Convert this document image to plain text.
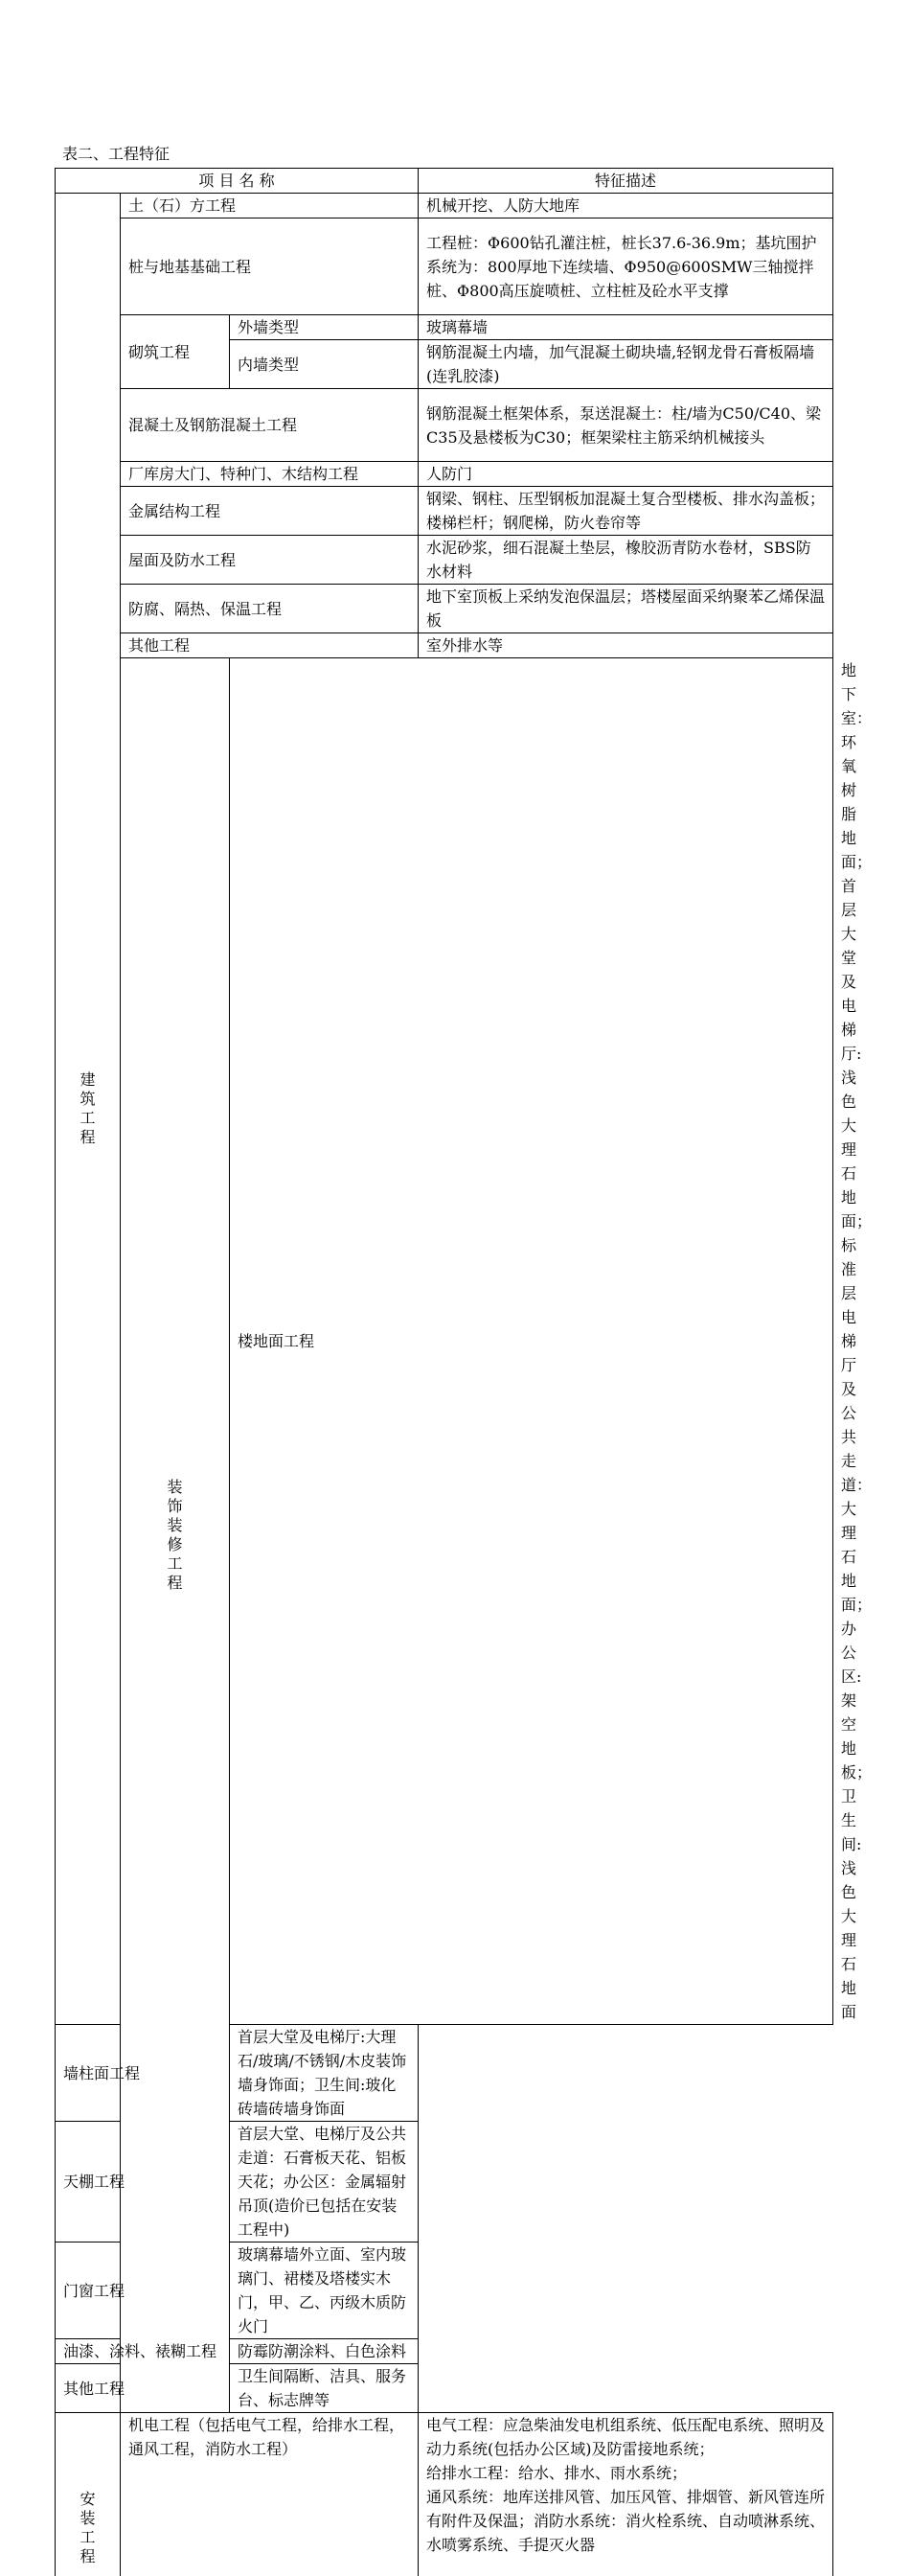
表二、工程特征
项 目 名 称			特征描述	
建筑工程	土（石）方工程		机械开挖、人防大地库	
	桩与地基基础工程		工程桩：Φ600钻孔灌注桩，桩长37.6-36.9m；基坑围护系统为：800厚地下连续墙、Φ950@600SMW三轴搅拌桩、Φ800高压旋喷桩、立柱桩及砼水平支撑	
	砌筑工程	外墙类型	玻璃幕墙	
		内墙类型	钢筋混凝土内墙，加气混凝土砌块墙,轻钢龙骨石膏板隔墙(连乳胶漆)	
	混凝土及钢筋混凝土工程		钢筋混凝土框架体系，泵送混凝土：柱/墙为C50/C40、梁C35及悬楼板为C30；框架梁柱主筋采纳机械接头	
	厂库房大门、特种门、木结构工程		人防门	
	金属结构工程		钢梁、钢柱、压型钢板加混凝土复合型楼板、排水沟盖板；楼梯栏杆；钢爬梯，防火卷帘等	
	屋面及防水工程		水泥砂浆，细石混凝土垫层，橡胶沥青防水卷材，SBS防水材料	
	防腐、隔热、保温工程		地下室顶板上采纳发泡保温层；塔楼屋面采纳聚苯乙烯保温板	
	其他工程		室外排水等	
	装饰装修工程	楼地面工程		地下室：环氧树脂地面；　首层大堂及电梯厅:浅色大理石地面；标准层电梯厅及公共走道：大理石地面；办公区:架空地板；卫生间:浅色大理石地面
墙柱面工程		首层大堂及电梯厅:大理石/玻璃/不锈钢/木皮装饰墙身饰面；卫生间:玻化砖墙砖墙身饰面		
天棚工程		首层大堂、电梯厅及公共走道：石膏板天花、铝板天花；办公区：金属辐射吊顶(造价已包括在安装工程中)		
门窗工程		玻璃幕墙外立面、室内玻璃门、裙楼及塔楼实木门，甲、乙、丙级木质防火门		
油漆、涂料、裱糊工程		防霉防潮涂料、白色涂料		
其他工程		卫生间隔断、洁具、服务台、标志牌等		
安装工程	机电工程（包括电气工程，给排水工程，通风工程，消防水工程）		电气工程：应急柴油发电机组系统、低压配电系统、照明及动力系统(包括办公区域)及防雷接地系统；
给排水工程：给水、排水、雨水系统；
通风系统：地库送排风管、加压风管、排烟管、新风管连所有附件及保温；消防水系统：消火栓系统、自动喷淋系统、水喷雾系统、手提灭火器	
